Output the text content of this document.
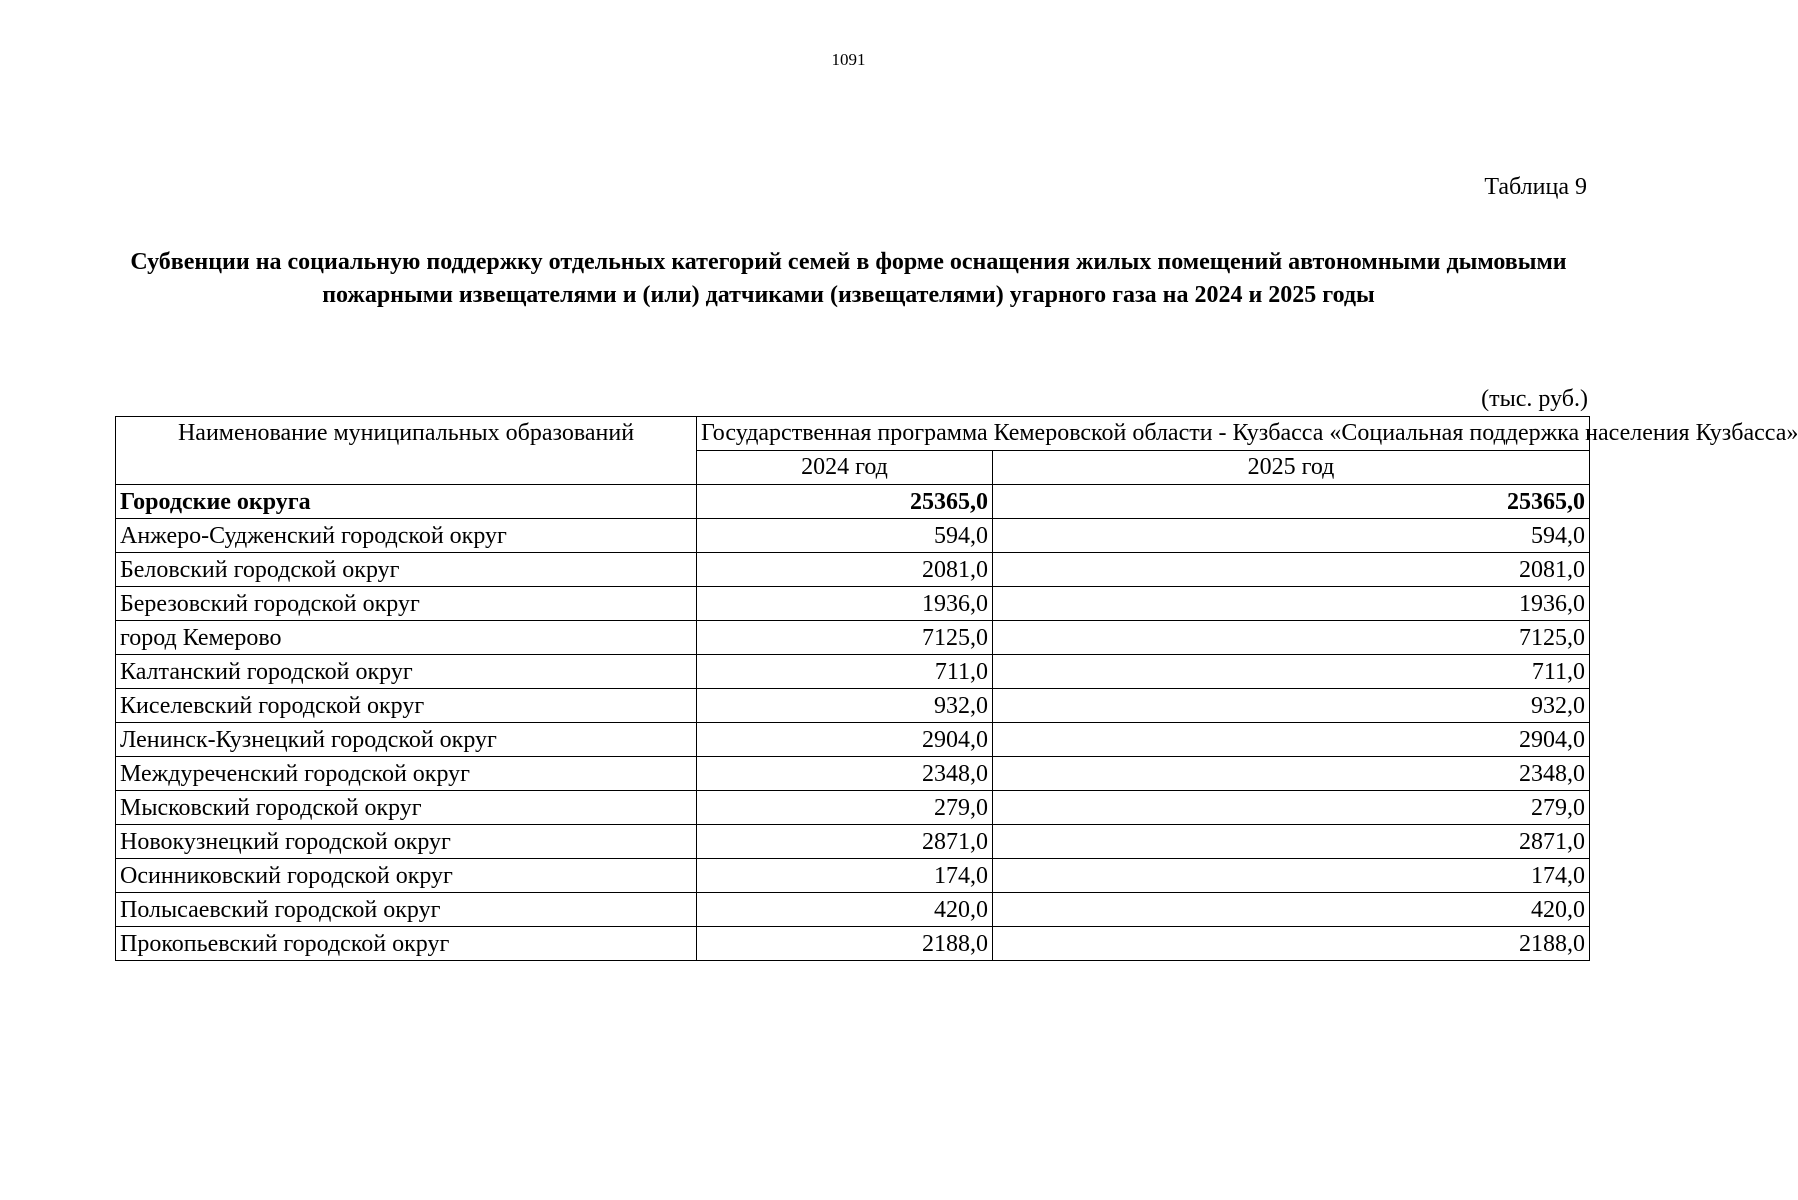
1091
Таблица 9
Субвенции на социальную поддержку отдельных категорий семей в форме оснащения жилых помещений автономными дымовыми пожарными извещателями и (или) датчиками (извещателями) угарного газа на 2024 и 2025 годы
(тыс. руб.)
Наименование муниципальных образований	Государственная программа Кемеровской области - Кузбасса «Социальная поддержка населения Кузбасса»	
	2024 год	2025 год
Городские округа	25365,0	25365,0
Анжеро-Судженский городской округ	594,0	594,0
Беловский городской округ	2081,0	2081,0
Березовский городской округ	1936,0	1936,0
город Кемерово	7125,0	7125,0
Калтанский городской округ	711,0	711,0
Киселевский городской округ	932,0	932,0
Ленинск-Кузнецкий городской округ	2904,0	2904,0
Междуреченский городской округ	2348,0	2348,0
Мысковский городской округ	279,0	279,0
Новокузнецкий городской округ	2871,0	2871,0
Осинниковский городской округ	174,0	174,0
Полысаевский городской округ	420,0	420,0
Прокопьевский городской округ	2188,0	2188,0
